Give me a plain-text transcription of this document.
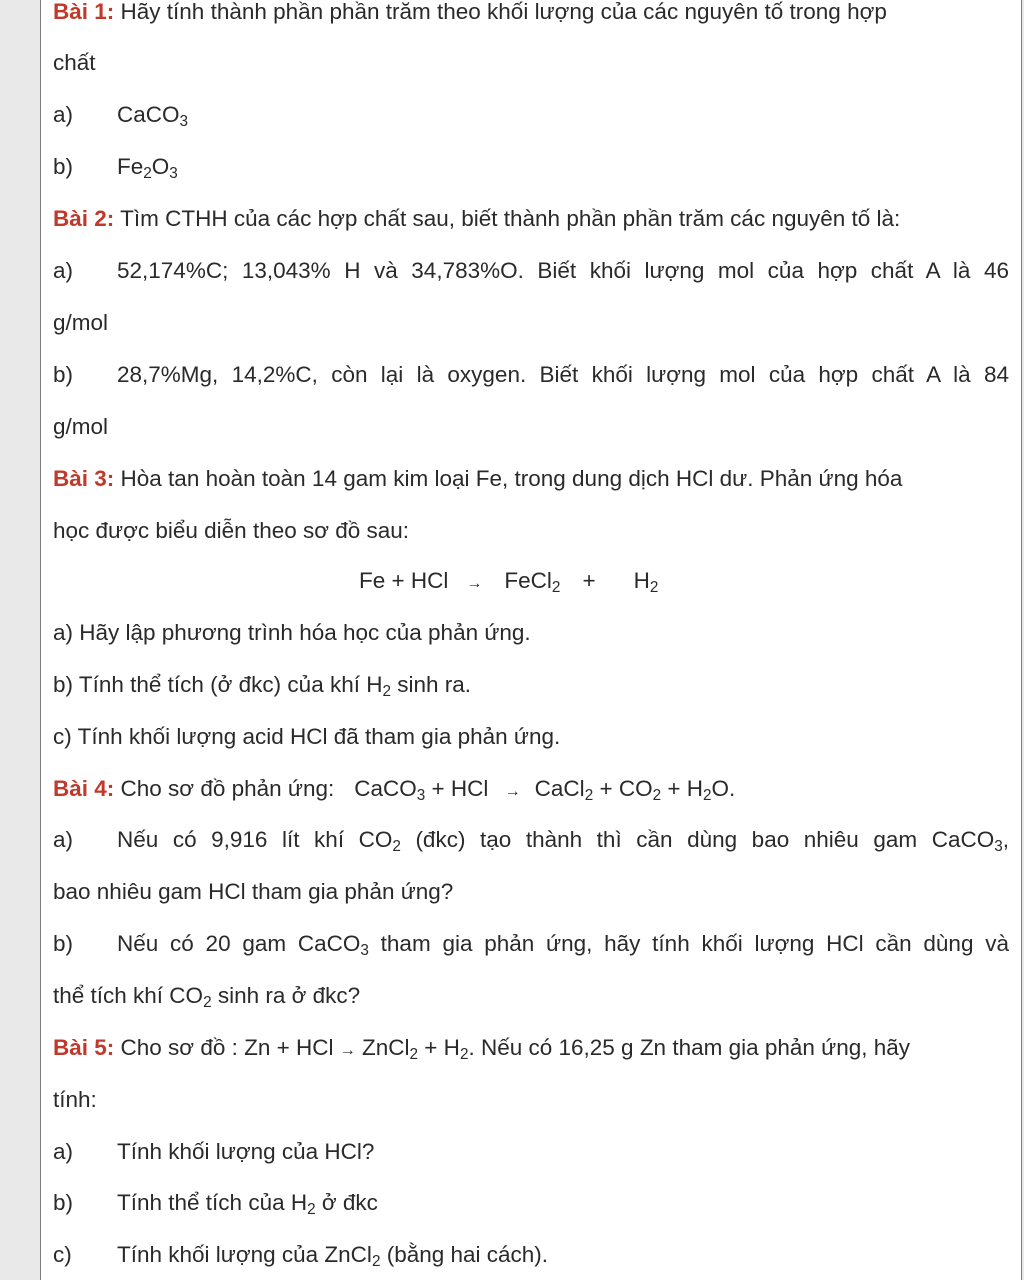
Bài 1: Hãy tính thành phần phần trăm theo khối lượng của các nguyên tố trong hợp
chất
a) CaCO$_3$
b) $Fe_2O_3$
Bài 2: Tìm CTHH của các hợp chất sau, biết thành phần phần trăm các nguyên tố là:
a) 52,174%C; 13,043% H và 34,783%O. Biết khối lượng mol của hợp chất A là 46
g/mol
b) 28,7%Mg, 14,2%C, còn lại là oxygen. Biết khối lượng mol của hợp chất A là 84
g/mol
Bài 3: Hòa tan hoàn toàn 14 gam kim loại Fe, trong dung dịch HCl dư. Phản ứng hóa
học được biểu diễn theo sơ đồ sau:
Fe + HCl → FeCl$_2$ + $H_2$
a) Hãy lập phương trình hóa học của phản ứng.
b) Tính thể tích (ở đkc) của khí $H_2$ sinh ra.
c) Tính khối lượng acid HCl đã tham gia phản ứng.
Bài 4: Cho sơ đồ phản ứng: CaCO$_3$ + HCl → CaCl$_2$ + $CO_2 + H_2O$.
a) Nếu có 9,916 lít khí $CO_2$ (đkc) tạo thành thì cần dùng bao nhiêu gam CaCO$_3$,
bao nhiêu gam HCl tham gia phản ứng?
b) Nếu có 20 gam CaCO$_3$ tham gia phản ứng, hãy tính khối lượng HCl cần dùng và
thể tích khí $CO_2$ sinh ra ở đkc?
Bài 5: Cho sơ đồ : Zn + HCl → ZnCl$_2$ + $H_2$. Nếu có 16,25 g Zn tham gia phản ứng, hãy
tính:
a) Tính khối lượng của HCl?
b) Tính thể tích của $H_2$ ở đkc
c) Tính khối lượng của ZnCl$_2$ (bằng hai cách).
